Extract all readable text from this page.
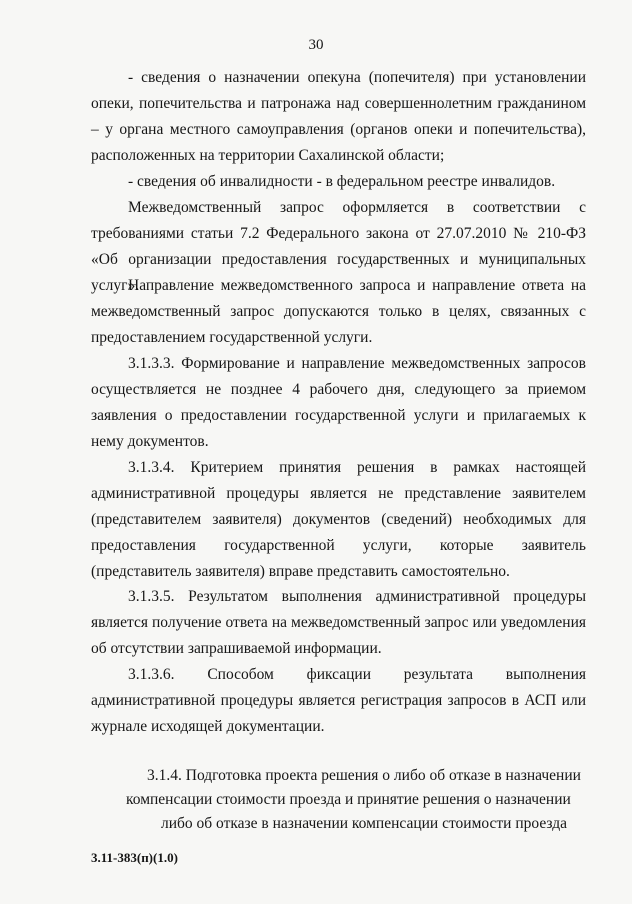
30

- сведения о назначении опекуна (попечителя) при установлении опеки, попечительства и патронажа над совершеннолетним гражданином – у органа местного самоуправления (органов опеки и попечительства), расположенных на территории Сахалинской области;

- сведения об инвалидности - в федеральном реестре инвалидов.

Межведомственный запрос оформляется в соответствии с требованиями статьи 7.2 Федерального закона от 27.07.2010 № 210-ФЗ «Об организации предоставления государственных и муниципальных услуг».

Направление межведомственного запроса и направление ответа на межведомственный запрос допускаются только в целях, связанных с предоставлением государственной услуги.

3.1.3.3. Формирование и направление межведомственных запросов осуществляется не позднее 4 рабочего дня, следующего за приемом заявления о предоставлении государственной услуги и прилагаемых к нему документов.

3.1.3.4. Критерием принятия решения в рамках настоящей административной процедуры является не представление заявителем (представителем заявителя) документов (сведений) необходимых для предоставления государственной услуги, которые заявитель (представитель заявителя) вправе представить самостоятельно.

3.1.3.5. Результатом выполнения административной процедуры является получение ответа на межведомственный запрос или уведомления об отсутствии запрашиваемой информации.

3.1.3.6. Способом фиксации результата выполнения административной процедуры является регистрация запросов в АСП или журнале исходящей документации.

3.1.4. Подготовка проекта решения о либо об отказе в назначении
компенсации стоимости проезда и принятие решения о назначении
либо об отказе в назначении компенсации стоимости проезда
3.11-383(п)(1.0)
